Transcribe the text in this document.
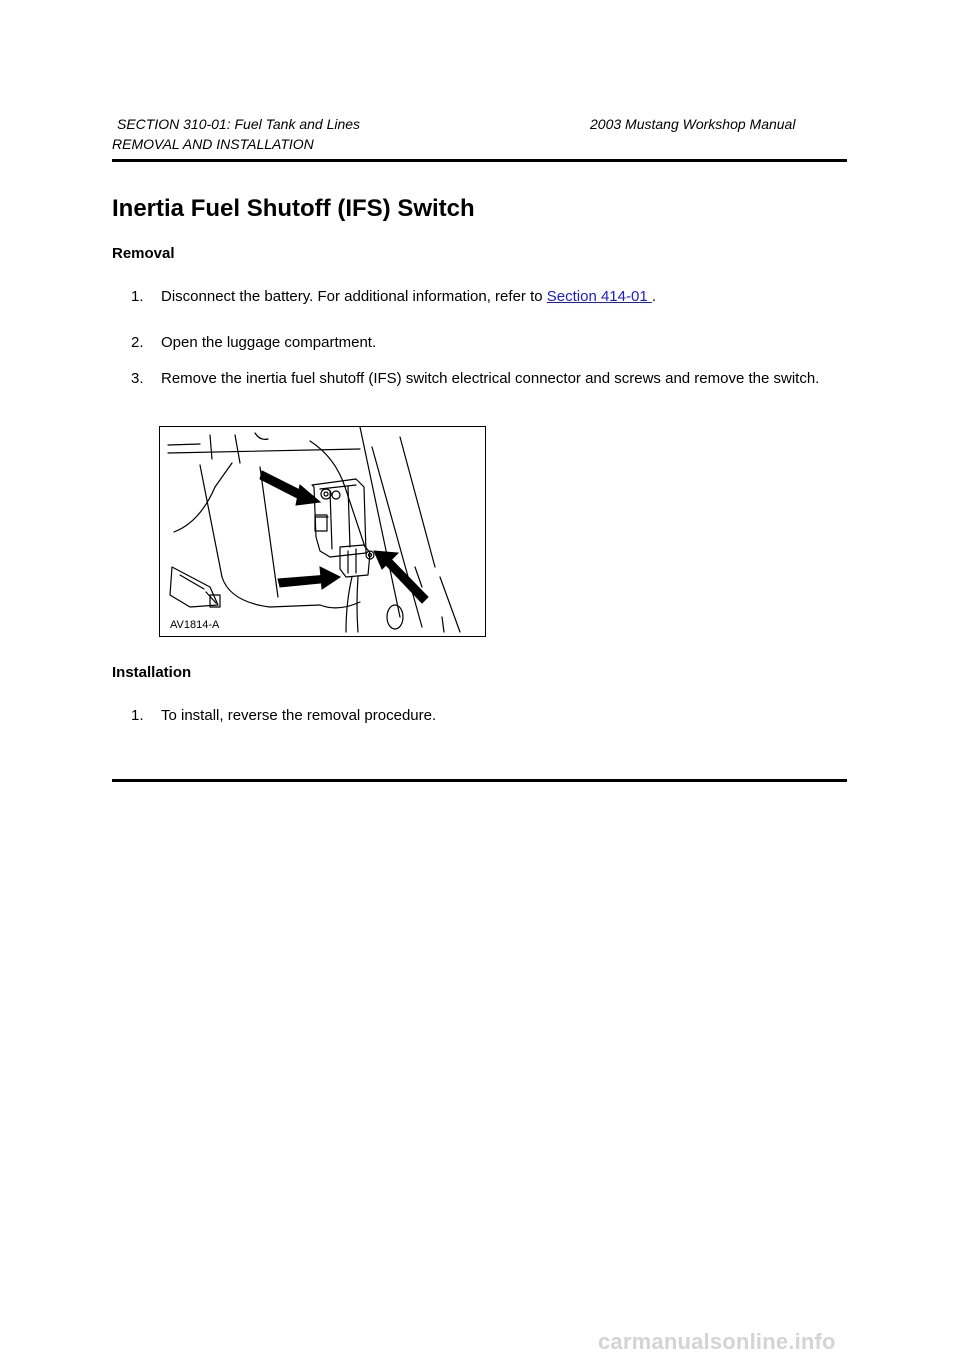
SECTION 310-01: Fuel Tank and Lines	2003 Mustang Workshop Manual
REMOVAL AND INSTALLATION
Inertia Fuel Shutoff (IFS) Switch
Removal
1. Disconnect the battery. For additional information, refer to Section 414-01 .
2. Open the luggage compartment.
3. Remove the inertia fuel shutoff (IFS) switch electrical connector and screws and remove the switch.
AV1814-A
Installation
1. To install, reverse the removal procedure.
carmanualsonline.info
